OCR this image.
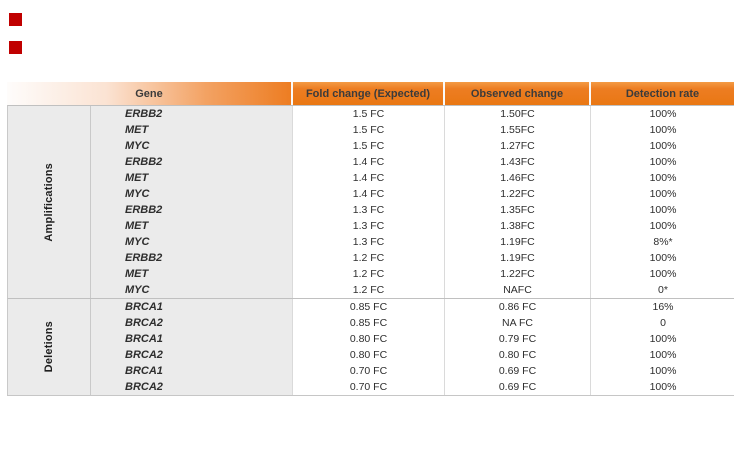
Gene	Fold change (Expected)	Observed change	Detection rate
Amplifications
ERBB2	1.5 FC	1.50FC	100%
MET	1.5 FC	1.55FC	100%
MYC	1.5 FC	1.27FC	100%
ERBB2	1.4 FC	1.43FC	100%
MET	1.4 FC	1.46FC	100%
MYC	1.4 FC	1.22FC	100%
ERBB2	1.3 FC	1.35FC	100%
MET	1.3 FC	1.38FC	100%
MYC	1.3 FC	1.19FC	8%*
ERBB2	1.2 FC	1.19FC	100%
MET	1.2 FC	1.22FC	100%
MYC	1.2 FC	NAFC	0*
Deletions
BRCA1	0.85 FC	0.86 FC	16%
BRCA2	0.85 FC	NA FC	0
BRCA1	0.80 FC	0.79 FC	100%
BRCA2	0.80 FC	0.80 FC	100%
BRCA1	0.70 FC	0.69 FC	100%
BRCA2	0.70 FC	0.69 FC	100%
